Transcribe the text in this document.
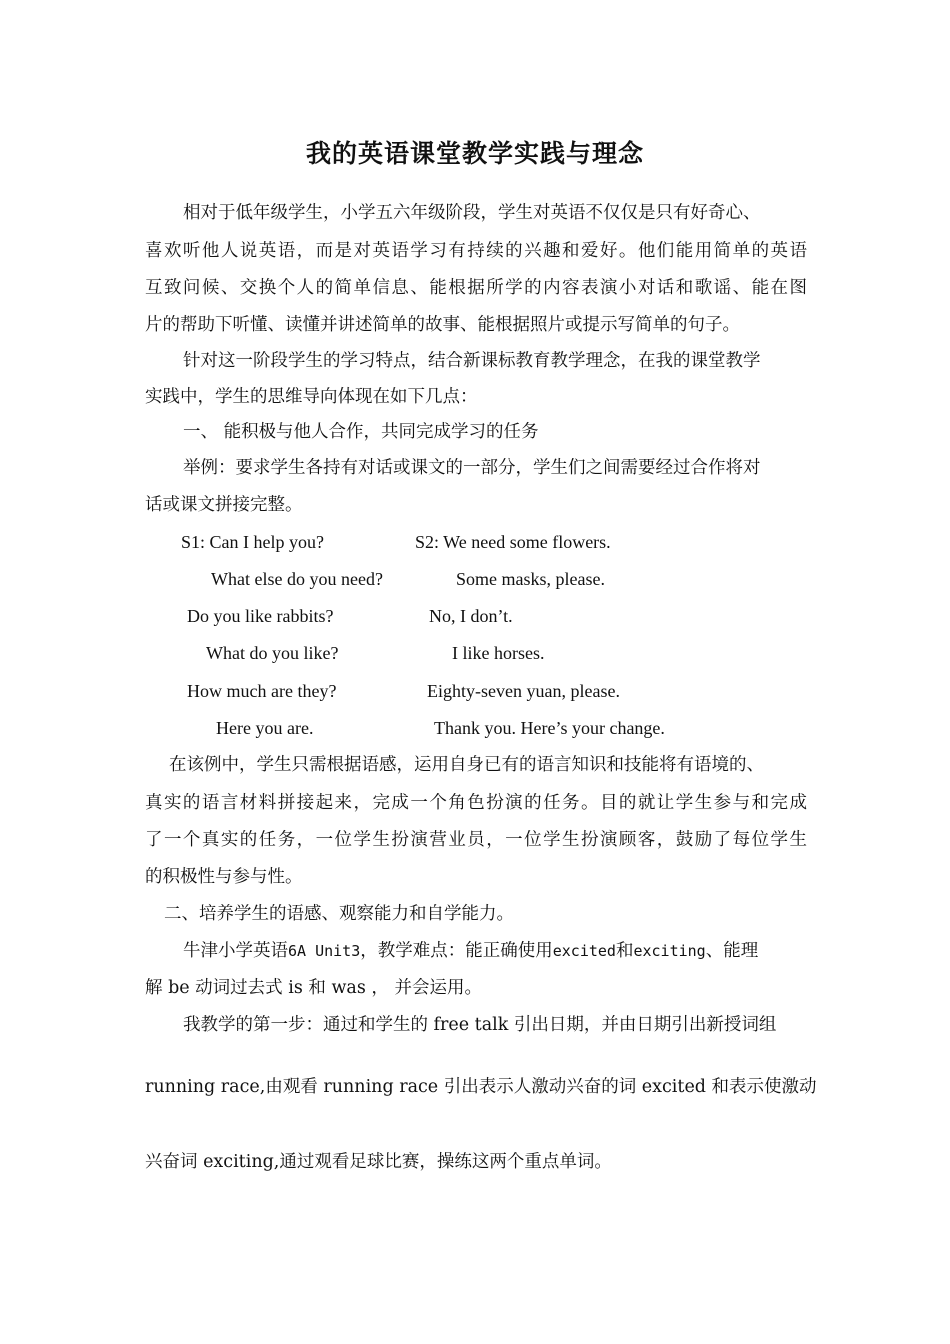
我的英语课堂教学实践与理念
相对于低年级学生，小学五六年级阶段，学生对英语不仅仅是只有好奇心、
喜欢听他人说英语，而是对英语学习有持续的兴趣和爱好。他们能用简单的英语
互致问候、交换个人的简单信息、能根据所学的内容表演小对话和歌谣、能在图
片的帮助下听懂、读懂并讲述简单的故事、能根据照片或提示写简单的句子。
针对这一阶段学生的学习特点，结合新课标教育教学理念，在我的课堂教学
实践中，学生的思维导向体现在如下几点：
一、 能积极与他人合作，共同完成学习的任务
举例：要求学生各持有对话或课文的一部分，学生们之间需要经过合作将对
话或课文拼接完整。
S1: Can I help you?	S2: We need some flowers.
What else do you need?	Some masks, please.
Do you like rabbits?	No, I don’t.
What do you like?	I like horses.
How much are they?	Eighty-seven yuan, please.
Here you are.	Thank you. Here’s your change.
在该例中，学生只需根据语感，运用自身已有的语言知识和技能将有语境的、
真实的语言材料拼接起来，完成一个角色扮演的任务。目的就让学生参与和完成
了一个真实的任务，一位学生扮演营业员，一位学生扮演顾客，鼓励了每位学生
的积极性与参与性。
二、培养学生的语感、观察能力和自学能力。
牛津小学英语6A Unit3，教学难点：能正确使用excited和exciting、能理
解 be 动词过去式 is 和 was ， 并会运用。
我教学的第一步：通过和学生的 free talk 引出日期，并由日期引出新授词组
running race,由观看 running race 引出表示人激动兴奋的词 excited 和表示使激动
兴奋词 exciting,通过观看足球比赛，操练这两个重点单词。
